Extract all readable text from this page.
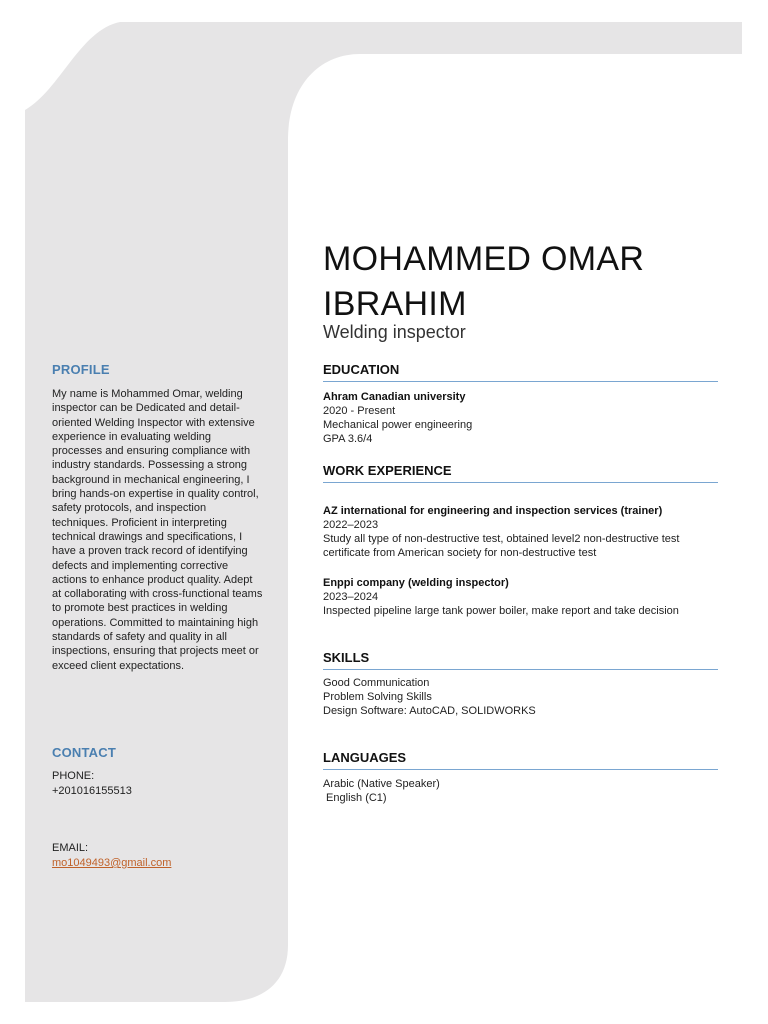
PROFILE

My name is Mohammed Omar, welding inspector can be Dedicated and detail-oriented Welding Inspector with extensive experience in evaluating welding processes and ensuring compliance with industry standards. Possessing a strong background in mechanical engineering, I bring hands-on expertise in quality control, safety protocols, and inspection techniques. Proficient in interpreting technical drawings and specifications, I have a proven track record of identifying defects and implementing corrective actions to enhance product quality. Adept at collaborating with cross-functional teams to promote best practices in welding operations. Committed to maintaining high standards of safety and quality in all inspections, ensuring that projects meet or exceed client expectations.

CONTACT
PHONE:
+201016155513
EMAIL:
mo1049493@gmail.com
MOHAMMED OMAR
IBRAHIM
Welding inspector
EDUCATION
Ahram Canadian university
2020 - Present
Mechanical power engineering
GPA 3.6/4
WORK EXPERIENCE
AZ international for engineering and inspection services (trainer)
2022–2023
Study all type of non-destructive test, obtained level2 non-destructive test certificate from American society for non-destructive test
Enppi company (welding inspector)
2023–2024
Inspected pipeline large tank power boiler, make report and take decision
SKILLS
Good Communication
Problem Solving Skills
Design Software: AutoCAD, SOLIDWORKS
LANGUAGES
Arabic (Native Speaker)
English (C1)
